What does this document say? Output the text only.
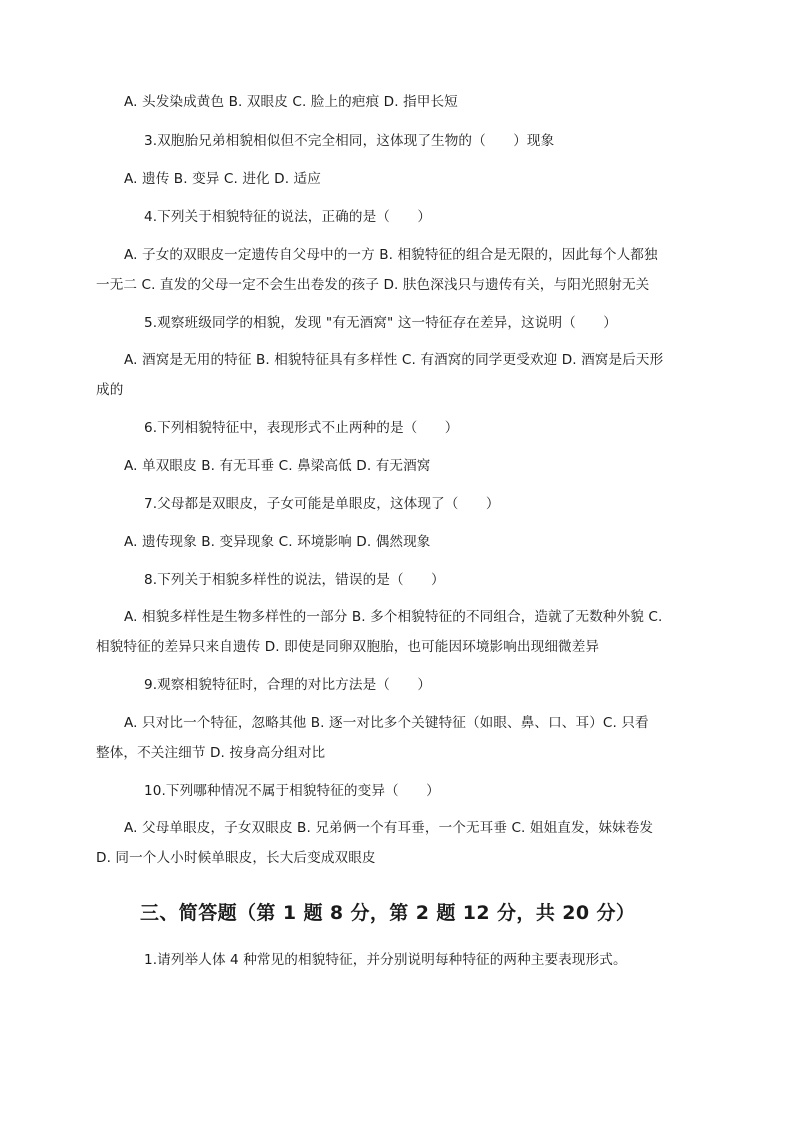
A. 头发染成黄色 B. 双眼皮 C. 脸上的疤痕 D. 指甲长短
3.双胞胎兄弟相貌相似但不完全相同，这体现了生物的（　　）现象
A. 遗传 B. 变异 C. 进化 D. 适应
4.下列关于相貌特征的说法，正确的是（　　）
A. 子女的双眼皮一定遗传自父母中的一方 B. 相貌特征的组合是无限的，因此每个人都独
一无二 C. 直发的父母一定不会生出卷发的孩子 D. 肤色深浅只与遗传有关，与阳光照射无关
5.观察班级同学的相貌，发现 "有无酒窝" 这一特征存在差异，这说明（　　）
A. 酒窝是无用的特征 B. 相貌特征具有多样性 C. 有酒窝的同学更受欢迎 D. 酒窝是后天形
成的
6.下列相貌特征中，表现形式不止两种的是（　　）
A. 单双眼皮 B. 有无耳垂 C. 鼻梁高低 D. 有无酒窝
7.父母都是双眼皮，子女可能是单眼皮，这体现了（　　）
A. 遗传现象 B. 变异现象 C. 环境影响 D. 偶然现象
8.下列关于相貌多样性的说法，错误的是（　　）
A. 相貌多样性是生物多样性的一部分 B. 多个相貌特征的不同组合，造就了无数种外貌 C.
相貌特征的差异只来自遗传 D. 即使是同卵双胞胎，也可能因环境影响出现细微差异
9.观察相貌特征时，合理的对比方法是（　　）
A. 只对比一个特征，忽略其他 B. 逐一对比多个关键特征（如眼、鼻、口、耳）C. 只看
整体，不关注细节 D. 按身高分组对比
10.下列哪种情况不属于相貌特征的变异（　　）
A. 父母单眼皮，子女双眼皮 B. 兄弟俩一个有耳垂，一个无耳垂 C. 姐姐直发，妹妹卷发
D. 同一个人小时候单眼皮，长大后变成双眼皮
三、简答题（第 1 题 8 分，第 2 题 12 分，共 20 分）
1.请列举人体 4 种常见的相貌特征，并分别说明每种特征的两种主要表现形式。
